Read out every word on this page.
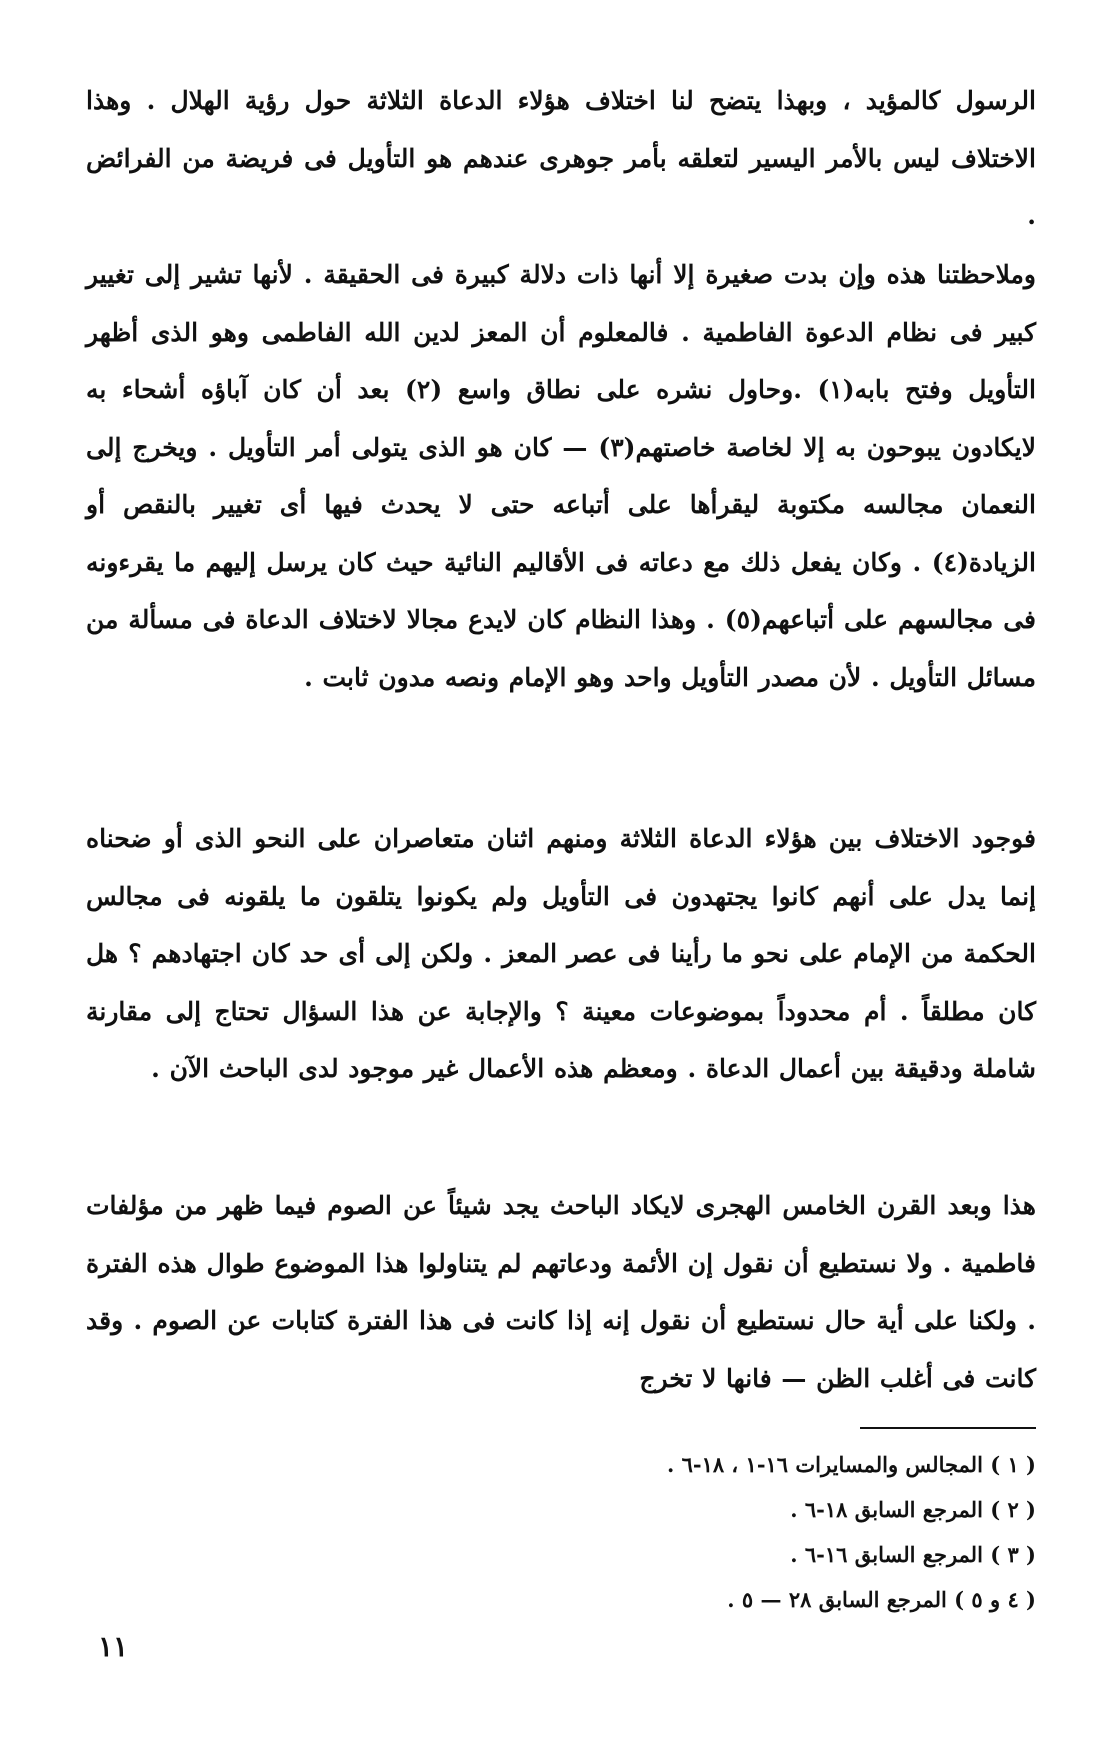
الرسول كالمؤيد ، وبهذا يتضح لنا اختلاف هؤلاء الدعاة الثلاثة حول رؤية الهلال . وهذا الاختلاف ليس بالأمر اليسير لتعلقه بأمر جوهرى عندهم هو التأويل فى فريضة من الفرائض .

وملاحظتنا هذه وإن بدت صغيرة إلا أنها ذات دلالة كبيرة فى الحقيقة . لأنها تشير إلى تغيير كبير فى نظام الدعوة الفاطمية . فالمعلوم أن المعز لدين الله الفاطمى وهو الذى أظهر التأويل وفتح بابه(١) .وحاول نشره على نطاق واسع (٢) بعد أن كان آباؤه أشحاء به لايكادون يبوحون به إلا لخاصة خاصتهم(٣) — كان هو الذى يتولى أمر التأويل . ويخرج إلى النعمان مجالسه مكتوبة ليقرأها على أتباعه حتى لا يحدث فيها أى تغيير بالنقص أو الزيادة(٤) . وكان يفعل ذلك مع دعاته فى الأقاليم النائية حيث كان يرسل إليهم ما يقرءونه فى مجالسهم على أتباعهم(٥) . وهذا النظام كان لايدع مجالا لاختلاف الدعاة فى مسألة من مسائل التأويل . لأن مصدر التأويل واحد وهو الإمام ونصه مدون ثابت .

فوجود الاختلاف بين هؤلاء الدعاة الثلاثة ومنهم اثنان متعاصران على النحو الذى أو ضحناه إنما يدل على أنهم كانوا يجتهدون فى التأويل ولم يكونوا يتلقون ما يلقونه فى مجالس الحكمة من الإمام على نحو ما رأينا فى عصر المعز . ولكن إلى أى حد كان اجتهادهم ؟ هل كان مطلقاً . أم محدوداً بموضوعات معينة ؟ والإجابة عن هذا السؤال تحتاج إلى مقارنة شاملة ودقيقة بين أعمال الدعاة . ومعظم هذه الأعمال غير موجود لدى الباحث الآن .

هذا وبعد القرن الخامس الهجرى لايكاد الباحث يجد شيئاً عن الصوم فيما ظهر من مؤلفات فاطمية . ولا نستطيع أن نقول إن الأئمة ودعاتهم لم يتناولوا هذا الموضوع طوال هذه الفترة . ولكنا على أية حال نستطيع أن نقول إنه إذا كانت فى هذا الفترة كتابات عن الصوم . وقد كانت فى أغلب الظن — فانها لا تخرج

( ١ ) المجالس والمسايرات ١٦-١ ، ١٨-٦ .

( ٢ ) المرجع السابق ١٨-٦ .

( ٣ ) المرجع السابق ١٦-٦ .

( ٤ و ٥ ) المرجع السابق ٢٨ — ٥ .

١١
